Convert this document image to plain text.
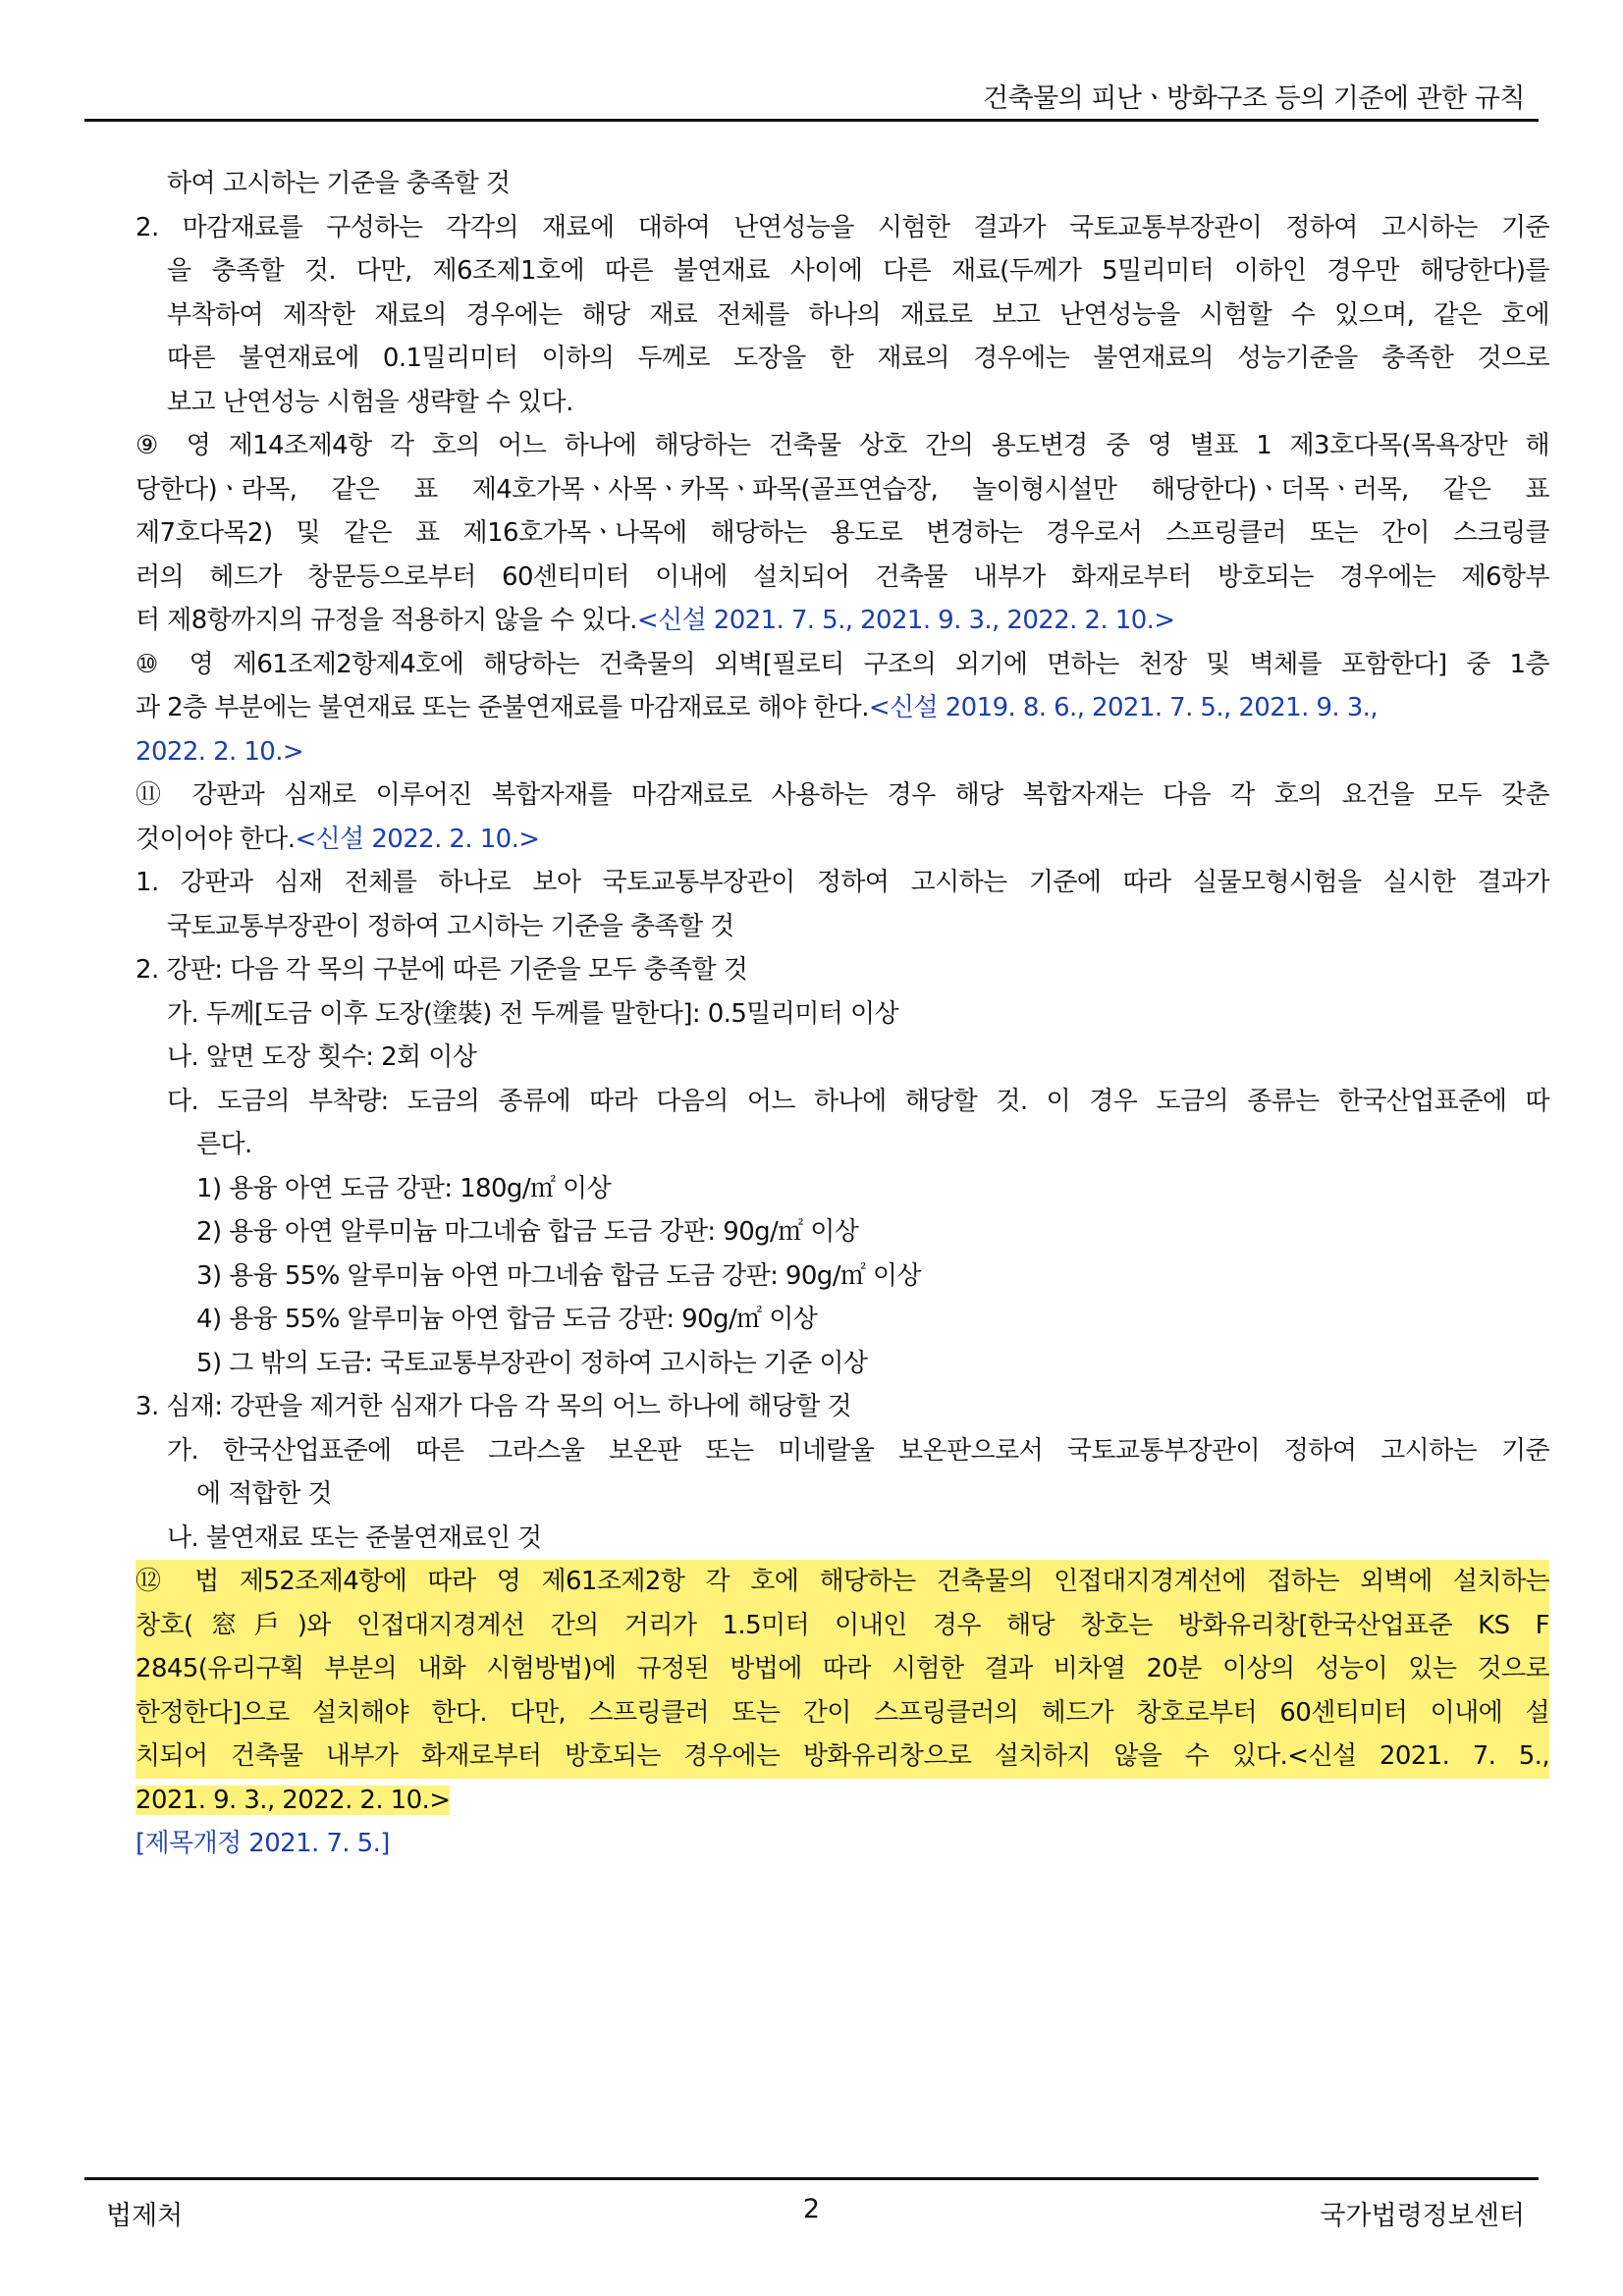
건축물의 피난ㆍ방화구조 등의 기준에 관한 규칙
하여 고시하는 기준을 충족할 것
2. 마감재료를 구성하는 각각의 재료에 대하여 난연성능을 시험한 결과가 국토교통부장관이 정하여 고시하는 기준
을 충족할 것. 다만, 제6조제1호에 따른 불연재료 사이에 다른 재료(두께가 5밀리미터 이하인 경우만 해당한다)를
부착하여 제작한 재료의 경우에는 해당 재료 전체를 하나의 재료로 보고 난연성능을 시험할 수 있으며, 같은 호에
따른 불연재료에 0.1밀리미터 이하의 두께로 도장을 한 재료의 경우에는 불연재료의 성능기준을 충족한 것으로
보고 난연성능 시험을 생략할 수 있다.
⑨ 영 제14조제4항 각 호의 어느 하나에 해당하는 건축물 상호 간의 용도변경 중 영 별표 1 제3호다목(목욕장만 해
당한다)ㆍ라목, 같은 표 제4호가목ㆍ사목ㆍ카목ㆍ파목(골프연습장, 놀이형시설만 해당한다)ㆍ더목ㆍ러목, 같은 표
제7호다목2) 및 같은 표 제16호가목ㆍ나목에 해당하는 용도로 변경하는 경우로서 스프링클러 또는 간이 스크링클
러의 헤드가 창문등으로부터 60센티미터 이내에 설치되어 건축물 내부가 화재로부터 방호되는 경우에는 제6항부
터 제8항까지의 규정을 적용하지 않을 수 있다.<신설 2021. 7. 5., 2021. 9. 3., 2022. 2. 10.>
⑩ 영 제61조제2항제4호에 해당하는 건축물의 외벽[필로티 구조의 외기에 면하는 천장 및 벽체를 포함한다] 중 1층
과 2층 부분에는 불연재료 또는 준불연재료를 마감재료로 해야 한다.<신설 2019. 8. 6., 2021. 7. 5., 2021. 9. 3.,
2022. 2. 10.>
⑪ 강판과 심재로 이루어진 복합자재를 마감재료로 사용하는 경우 해당 복합자재는 다음 각 호의 요건을 모두 갖춘
것이어야 한다.<신설 2022. 2. 10.>
1. 강판과 심재 전체를 하나로 보아 국토교통부장관이 정하여 고시하는 기준에 따라 실물모형시험을 실시한 결과가
국토교통부장관이 정하여 고시하는 기준을 충족할 것
2. 강판: 다음 각 목의 구분에 따른 기준을 모두 충족할 것
가. 두께[도금 이후 도장(塗裝) 전 두께를 말한다]: 0.5밀리미터 이상
나. 앞면 도장 횟수: 2회 이상
다. 도금의 부착량: 도금의 종류에 따라 다음의 어느 하나에 해당할 것. 이 경우 도금의 종류는 한국산업표준에 따
른다.
1) 용융 아연 도금 강판: 180g/㎡ 이상
2) 용융 아연 알루미늄 마그네슘 합금 도금 강판: 90g/㎡ 이상
3) 용융 55% 알루미늄 아연 마그네슘 합금 도금 강판: 90g/㎡ 이상
4) 용융 55% 알루미늄 아연 합금 도금 강판: 90g/㎡ 이상
5) 그 밖의 도금: 국토교통부장관이 정하여 고시하는 기준 이상
3. 심재: 강판을 제거한 심재가 다음 각 목의 어느 하나에 해당할 것
가. 한국산업표준에 따른 그라스울 보온판 또는 미네랄울 보온판으로서 국토교통부장관이 정하여 고시하는 기준
에 적합한 것
나. 불연재료 또는 준불연재료인 것
⑫ 법 제52조제4항에 따라 영 제61조제2항 각 호에 해당하는 건축물의 인접대지경계선에 접하는 외벽에 설치하는
창호(窓戶)와 인접대지경계선 간의 거리가 1.5미터 이내인 경우 해당 창호는 방화유리창[한국산업표준 KS F
2845(유리구획 부분의 내화 시험방법)에 규정된 방법에 따라 시험한 결과 비차열 20분 이상의 성능이 있는 것으로
한정한다]으로 설치해야 한다. 다만, 스프링클러 또는 간이 스프링클러의 헤드가 창호로부터 60센티미터 이내에 설
치되어 건축물 내부가 화재로부터 방호되는 경우에는 방화유리창으로 설치하지 않을 수 있다.<신설 2021. 7. 5.,
2021. 9. 3., 2022. 2. 10.>
[제목개정 2021. 7. 5.]
법제처	2	국가법령정보센터
